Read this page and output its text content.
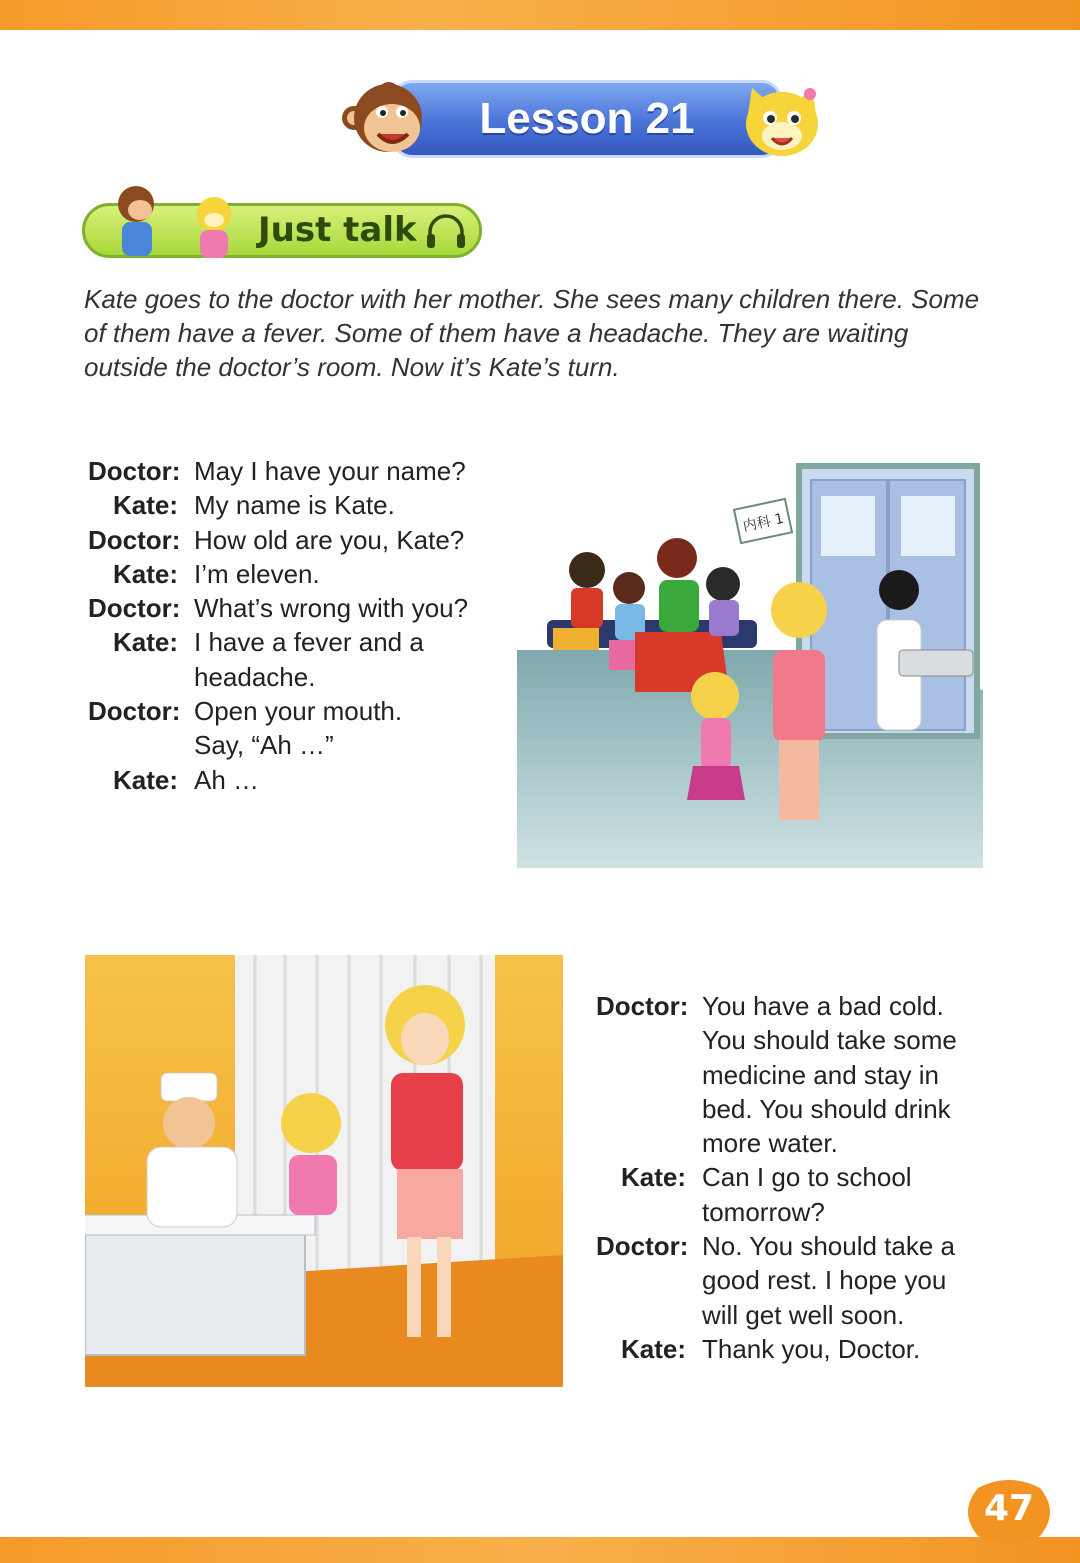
Lesson 21
Just talk
Kate goes to the doctor with her mother. She sees many children there. Some of them have a fever. Some of them have a headache. They are waiting outside the doctor’s room. Now it’s Kate’s turn.
Doctor: May I have your name?
Kate: My name is Kate.
Doctor: How old are you, Kate?
Kate: I’m eleven.
Doctor: What’s wrong with you?
Kate: I have a fever and a
headache.
Doctor: Open your mouth.
Say, “Ah …”
Kate: Ah …
内科 1
Doctor: You have a bad cold.
You should take some
medicine and stay in
bed. You should drink
more water.
Kate: Can I go to school
tomorrow?
Doctor: No. You should take a
good rest. I hope you
will get well soon.
Kate: Thank you, Doctor.
47
